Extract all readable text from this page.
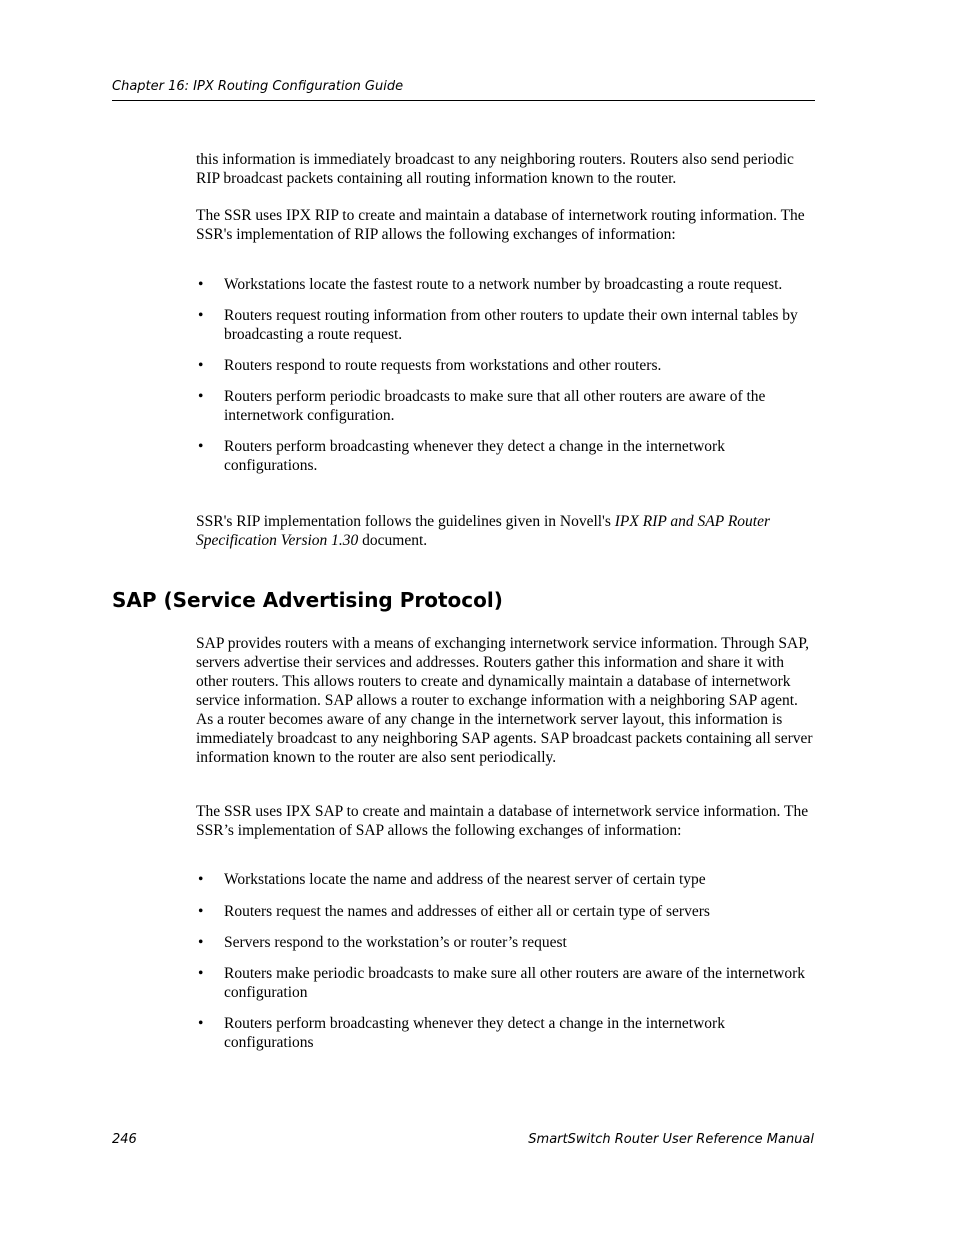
Chapter 16: IPX Routing Configuration Guide

this information is immediately broadcast to any neighboring routers. Routers also send periodic RIP broadcast packets containing all routing information known to the router.

The SSR uses IPX RIP to create and maintain a database of internetwork routing information. The SSR's implementation of RIP allows the following exchanges of information:

• Workstations locate the fastest route to a network number by broadcasting a route request.
• Routers request routing information from other routers to update their own internal tables by broadcasting a route request.
• Routers respond to route requests from workstations and other routers.
• Routers perform periodic broadcasts to make sure that all other routers are aware of the internetwork configuration.
• Routers perform broadcasting whenever they detect a change in the internetwork configurations.

SSR's RIP implementation follows the guidelines given in Novell's IPX RIP and SAP Router Specification Version 1.30 document.

SAP (Service Advertising Protocol)

SAP provides routers with a means of exchanging internetwork service information. Through SAP, servers advertise their services and addresses. Routers gather this information and share it with other routers. This allows routers to create and dynamically maintain a database of internetwork service information. SAP allows a router to exchange information with a neighboring SAP agent. As a router becomes aware of any change in the internetwork server layout, this information is immediately broadcast to any neighboring SAP agents. SAP broadcast packets containing all server information known to the router are also sent periodically.

The SSR uses IPX SAP to create and maintain a database of internetwork service information. The SSR’s implementation of SAP allows the following exchanges of information:

• Workstations locate the name and address of the nearest server of certain type
• Routers request the names and addresses of either all or certain type of servers
• Servers respond to the workstation’s or router’s request
• Routers make periodic broadcasts to make sure all other routers are aware of the internetwork configuration
• Routers perform broadcasting whenever they detect a change in the internetwork configurations
246	SmartSwitch Router User Reference Manual
